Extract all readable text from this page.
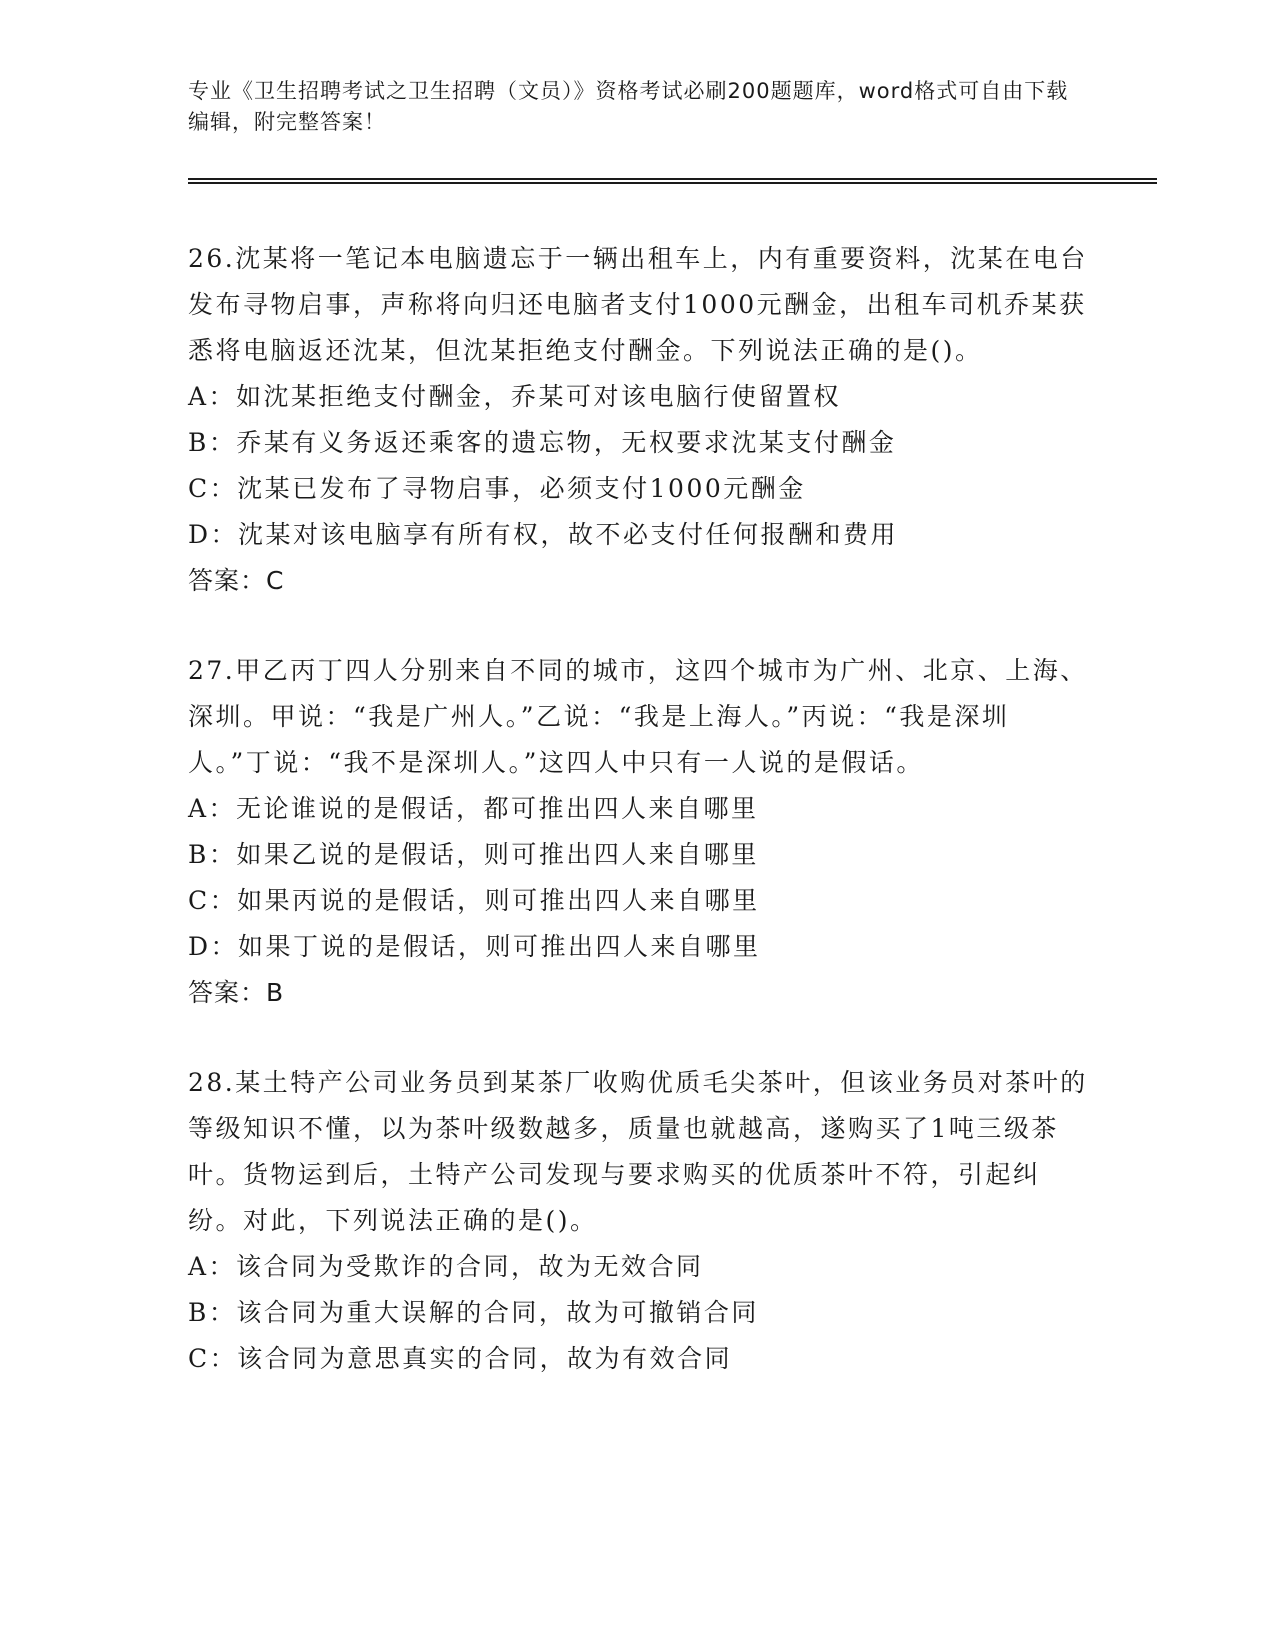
专业《卫生招聘考试之卫生招聘（文员）》资格考试必刷200题题库，word格式可自由下载编辑，附完整答案！

26.沈某将一笔记本电脑遗忘于一辆出租车上，内有重要资料，沈某在电台发布寻物启事，声称将向归还电脑者支付1000元酬金，出租车司机乔某获悉将电脑返还沈某，但沈某拒绝支付酬金。下列说法正确的是()。

A：如沈某拒绝支付酬金，乔某可对该电脑行使留置权

B：乔某有义务返还乘客的遗忘物，无权要求沈某支付酬金

C：沈某已发布了寻物启事，必须支付1000元酬金

D：沈某对该电脑享有所有权，故不必支付任何报酬和费用

答案：C

27.甲乙丙丁四人分别来自不同的城市，这四个城市为广州、北京、上海、深圳。甲说：“我是广州人。”乙说：“我是上海人。”丙说：“我是深圳人。”丁说：“我不是深圳人。”这四人中只有一人说的是假话。

A：无论谁说的是假话，都可推出四人来自哪里

B：如果乙说的是假话，则可推出四人来自哪里

C：如果丙说的是假话，则可推出四人来自哪里

D：如果丁说的是假话，则可推出四人来自哪里

答案：B

28.某土特产公司业务员到某茶厂收购优质毛尖茶叶，但该业务员对茶叶的等级知识不懂，以为茶叶级数越多，质量也就越高，遂购买了1吨三级茶叶。货物运到后，土特产公司发现与要求购买的优质茶叶不符，引起纠纷。对此，下列说法正确的是()。

A：该合同为受欺诈的合同，故为无效合同

B：该合同为重大误解的合同，故为可撤销合同

C：该合同为意思真实的合同，故为有效合同
